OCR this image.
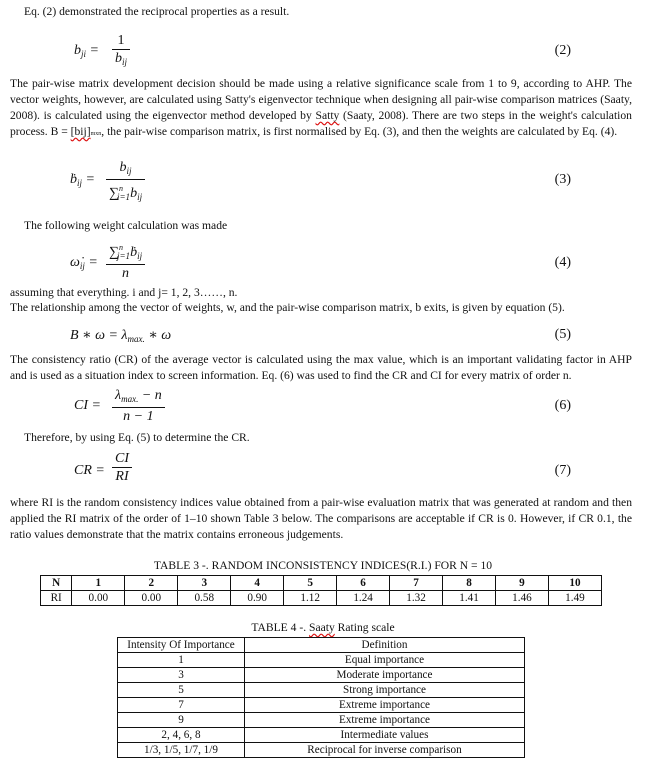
Eq. (2) demonstrated the reciprocal properties as a result.

$b_{ji}$ =
1
$b_{ij}$
(2)

The pair-wise matrix development decision should be made using a relative significance scale from 1 to 9, according to AHP. The vector weights, however, are calculated using Satty's eigenvector technique when designing all pair-wise comparison matrices (Saaty, 2008). is calculated using the eigenvector method developed by Satty (Saaty, 2008). There are two steps in the weight's calculation process. B = [bij]mxn, the pair-wise comparison matrix, is first normalised by Eq. (3), and then the weights are calculated by Eq. (4).

ḃ$_{ij}$ =
$b_{ij}$
$\sum^n_{i=1}b_{ij}$
(3)

The following weight calculation was made

$\omegȧ_{ij}$ =
∑$^n_{j=1}$ḃ$_{ij}$
n
(4)

assuming that everything. i and j= 1, 2, 3……, n.

The relationship among the vector of weights, w, and the pair-wise comparison matrix, b exits, is given by equation (5).

B ∗ $\omega = \lambda_{max.}$ ∗ ω	(5)

The consistency ratio (CR) of the average vector is calculated using the max value, which is an important validating factor in AHP and is used as a situation index to screen information. Eq. (6) was used to find the CR and CI for every matrix of order n.

CI =
$\lambda_{max.} - n$
n − 1
(6)

Therefore, by using Eq. (5) to determine the CR.

CR = $\frac{CI}{RI}$	(7)

where RI is the random consistency indices value obtained from a pair-wise evaluation matrix that was generated at random and then applied the RI matrix of the order of 1–10 shown Table 3 below. The comparisons are acceptable if CR is 0. However, if CR 0.1, the ratio values demonstrate that the matrix contains erroneous judgements.

TABLE 3 -. RANDOM INCONSISTENCY INDICES(R.I.) FOR N = 10
N	1	2	3	4	5	6	7	8	9	10
RI	0.00	0.00	0.58	0.90	1.12	1.24	1.32	1.41	1.46	1.49
TABLE 4 -. Saaty Rating scale
Intensity Of Importance	Definition
1	Equal importance
3	Moderate importance
5	Strong importance
7	Extreme importance
9	Extreme importance
2, 4, 6, 8	Intermediate values
1/3, 1/5, 1/7, 1/9	Reciprocal for inverse comparison
